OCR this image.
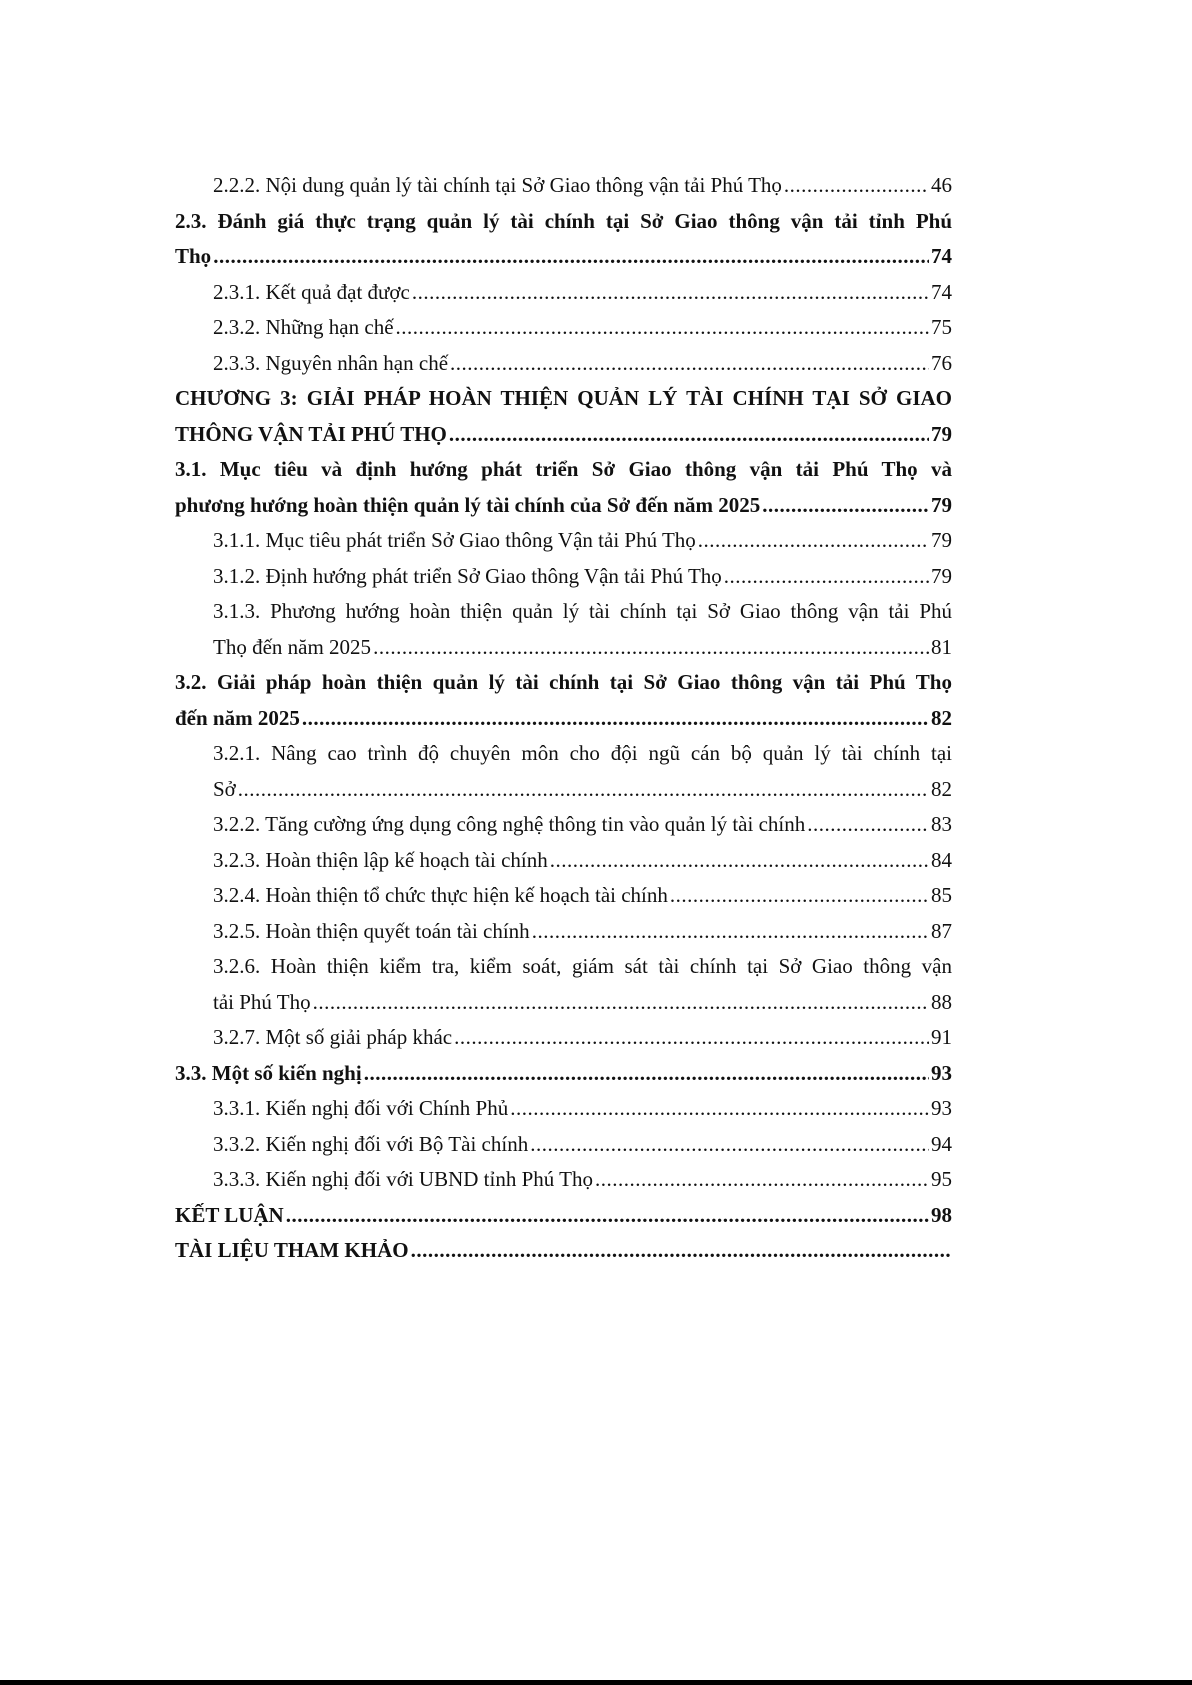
2.2.2. Nội dung quản lý tài chính tại Sở Giao thông vận tải Phú Thọ .....	46
2.3. Đánh giá thực trạng quản lý tài chính tại Sở Giao thông vận tải tỉnh Phú
Thọ .....	74
2.3.1. Kết quả đạt được .....	74
2.3.2. Những hạn chế .....	75
2.3.3. Nguyên nhân hạn chế .....	76
CHƯƠNG 3: GIẢI PHÁP HOÀN THIỆN QUẢN LÝ TÀI CHÍNH TẠI SỞ GIAO
THÔNG VẬN TẢI PHÚ THỌ .....	79
3.1. Mục tiêu và định hướng phát triển Sở Giao thông vận tải Phú Thọ và
phương hướng hoàn thiện quản lý tài chính của Sở đến năm 2025 .....	79
3.1.1. Mục tiêu phát triển Sở Giao thông Vận tải Phú Thọ .....	79
3.1.2. Định hướng phát triển Sở Giao thông Vận tải Phú Thọ .....	79
3.1.3. Phương hướng hoàn thiện quản lý tài chính tại Sở Giao thông vận tải Phú
Thọ đến năm 2025 .....	81
3.2. Giải pháp hoàn thiện quản lý tài chính tại Sở Giao thông vận tải Phú Thọ
đến năm 2025 .....	82
3.2.1. Nâng cao trình độ chuyên môn cho đội ngũ cán bộ quản lý tài chính tại
Sở .....	82
3.2.2. Tăng cường ứng dụng công nghệ thông tin vào quản lý tài chính .....	83
3.2.3. Hoàn thiện lập kế hoạch tài chính .....	84
3.2.4. Hoàn thiện tổ chức thực hiện kế hoạch tài chính .....	85
3.2.5. Hoàn thiện quyết toán tài chính .....	87
3.2.6. Hoàn thiện kiểm tra, kiểm soát, giám sát tài chính tại Sở Giao thông vận
tải Phú Thọ .....	88
3.2.7. Một số giải pháp khác .....	91
3.3. Một số kiến nghị .....	93
3.3.1. Kiến nghị đối với Chính Phủ .....	93
3.3.2. Kiến nghị đối với Bộ Tài chính .....	94
3.3.3. Kiến nghị đối với UBND tỉnh Phú Thọ .....	95
KẾT LUẬN .....	98
TÀI LIỆU THAM KHẢO
.....
